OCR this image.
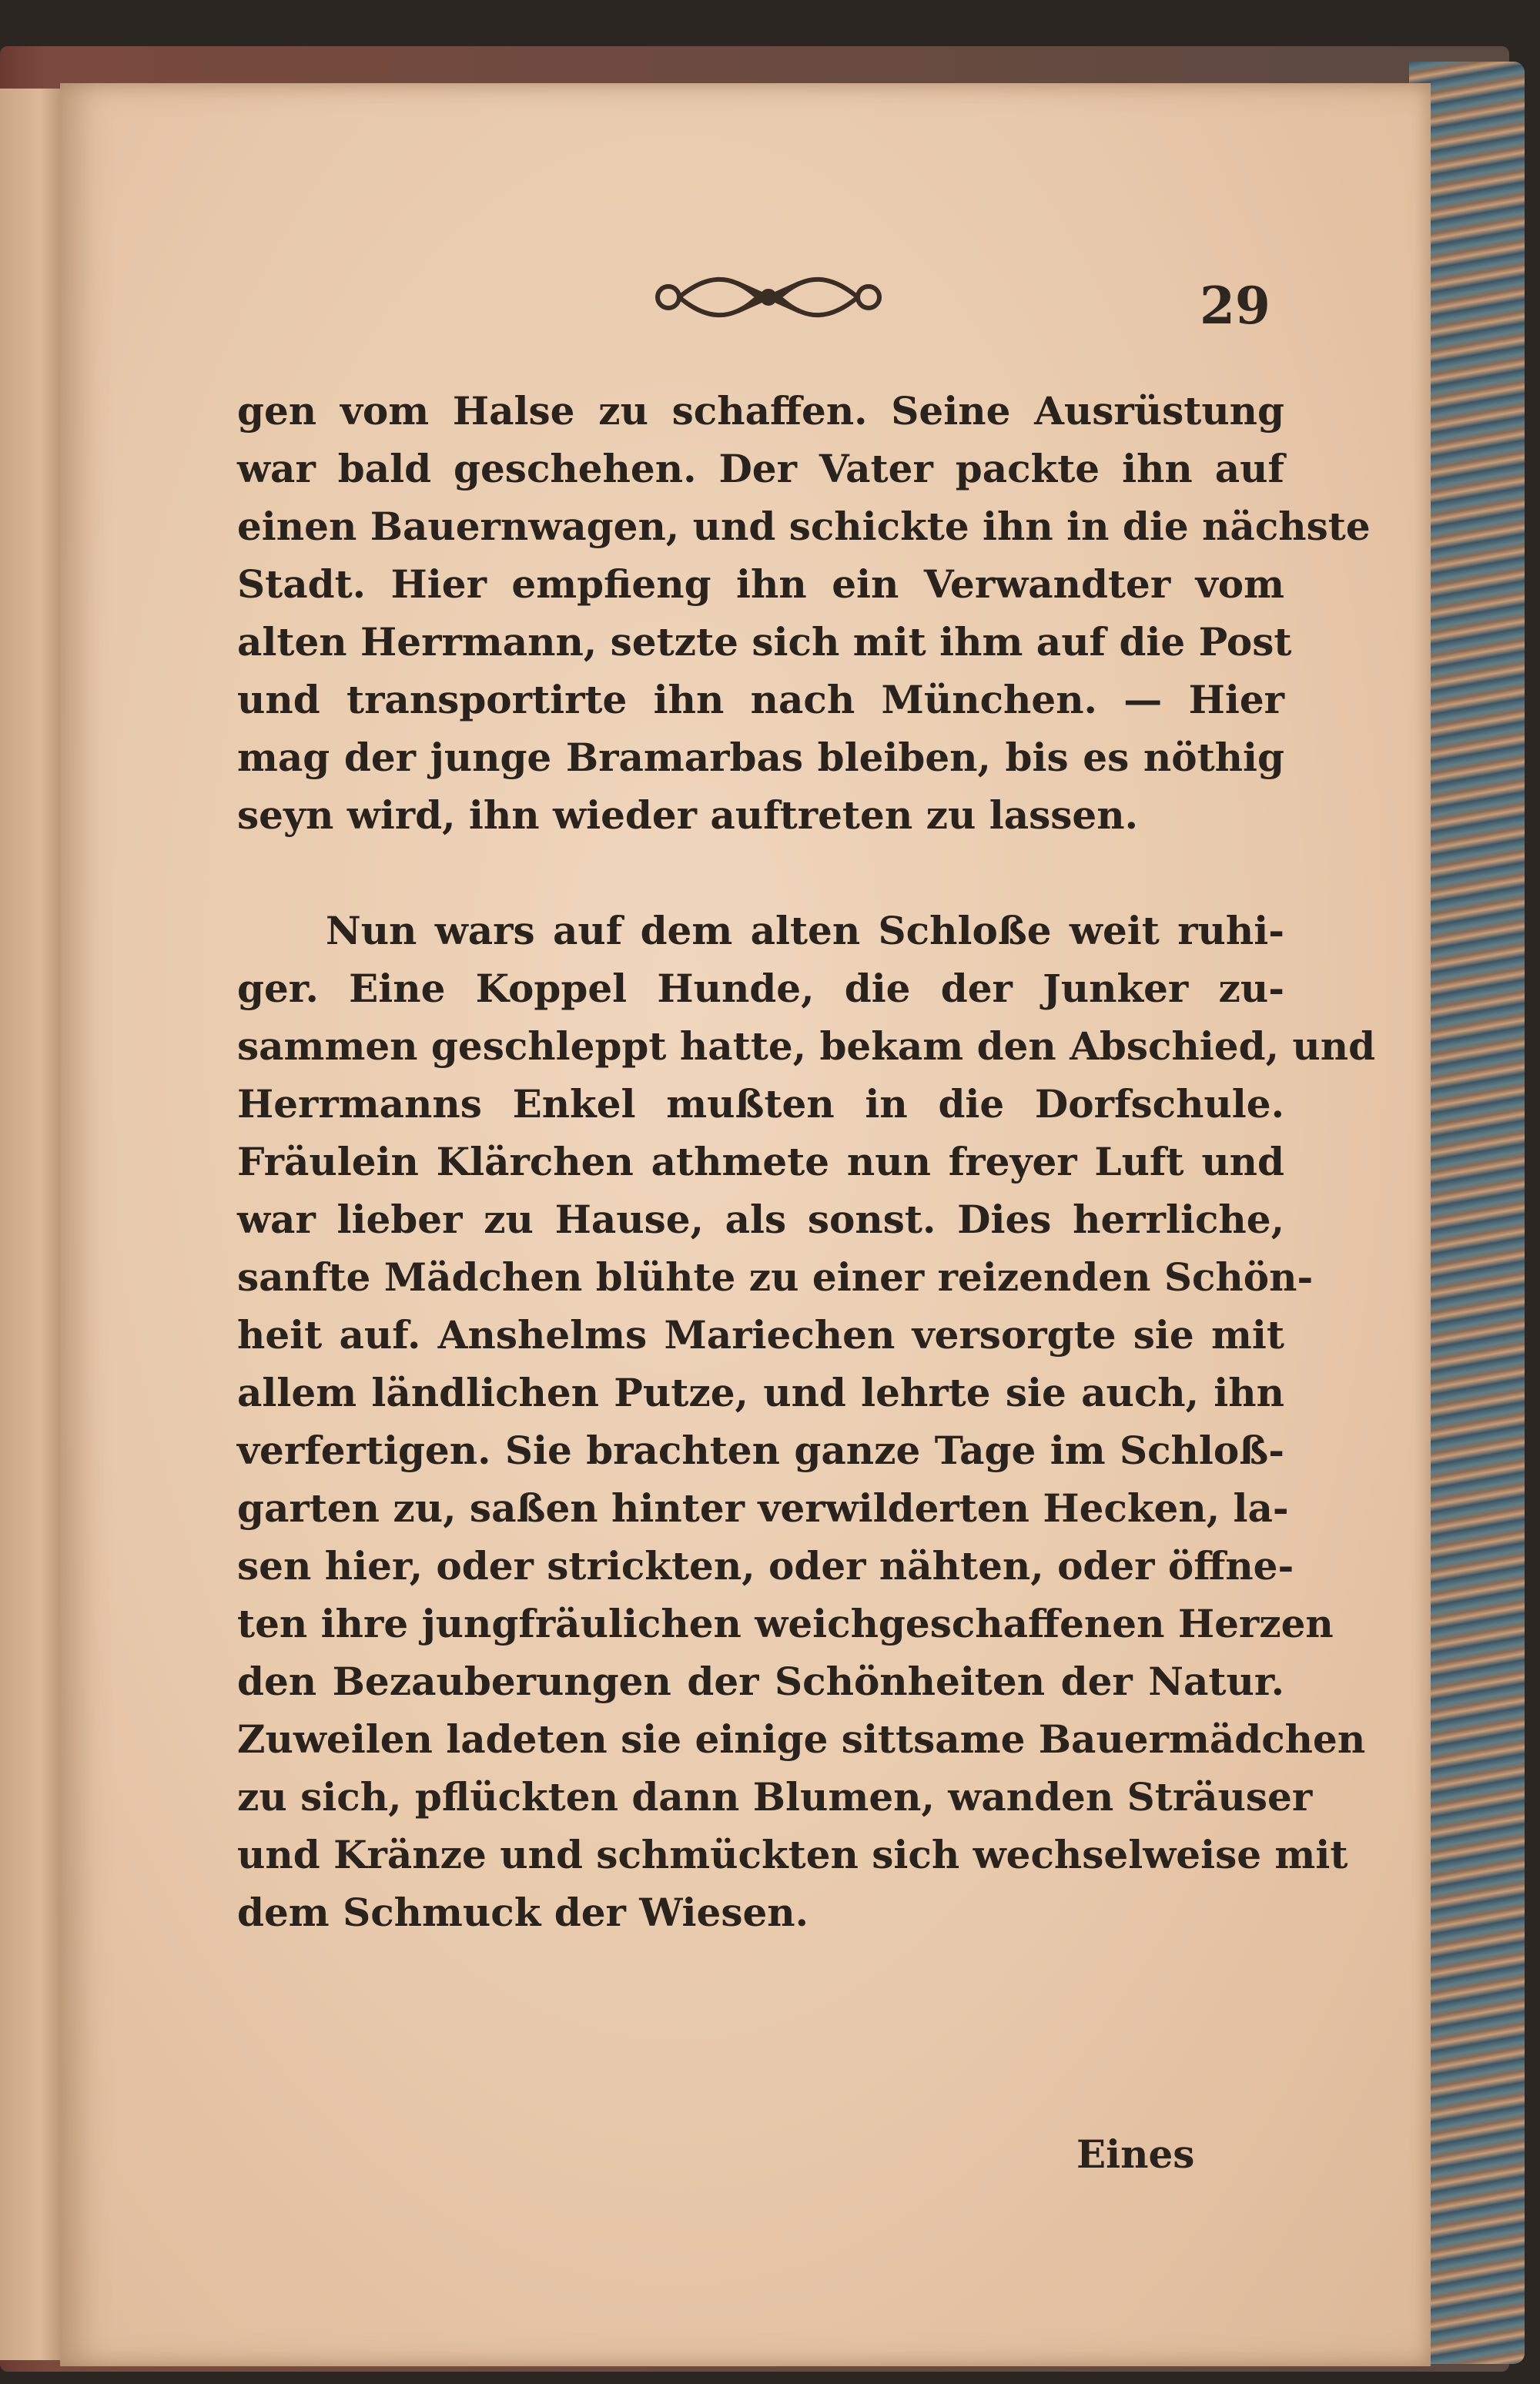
29
gen vom Halse zu schaffen. Seine Ausrüstung
war bald geschehen. Der Vater packte ihn auf
einen Bauernwagen, und schickte ihn in die nächste
Stadt. Hier empfieng ihn ein Verwandter vom
alten Herrmann, setzte sich mit ihm auf die Post
und transportirte ihn nach München. — Hier
mag der junge Bramarbas bleiben, bis es nöthig
seyn wird, ihn wieder auftreten zu lassen.
Nun wars auf dem alten Schloße weit ruhi-
ger. Eine Koppel Hunde, die der Junker zu-
sammen geschleppt hatte, bekam den Abschied, und
Herrmanns Enkel mußten in die Dorfschule.
Fräulein Klärchen athmete nun freyer Luft und
war lieber zu Hause, als sonst. Dies herrliche,
sanfte Mädchen blühte zu einer reizenden Schön-
heit auf. Anshelms Mariechen versorgte sie mit
allem ländlichen Putze, und lehrte sie auch, ihn
verfertigen. Sie brachten ganze Tage im Schloß-
garten zu, saßen hinter verwilderten Hecken, la-
sen hier, oder strickten, oder nähten, oder öffne-
ten ihre jungfräulichen weichgeschaffenen Herzen
den Bezauberungen der Schönheiten der Natur.
Zuweilen ladeten sie einige sittsame Bauermädchen
zu sich, pflückten dann Blumen, wanden Sträuser
und Kränze und schmückten sich wechselweise mit
dem Schmuck der Wiesen.
Eines
